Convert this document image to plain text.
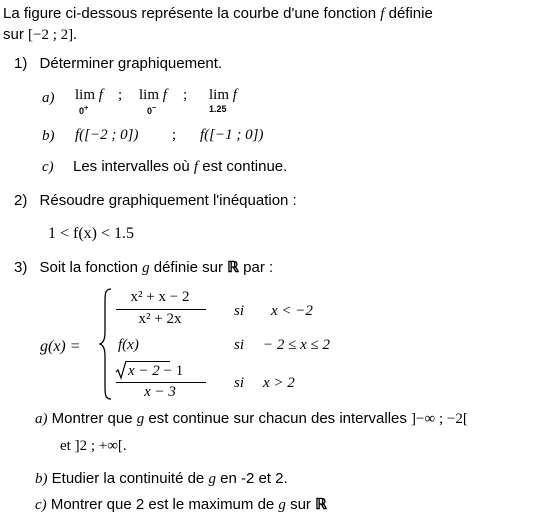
La figure ci-dessous représente la courbe d'une fonction f définie
sur [−2 ; 2].
1) Déterminer graphiquement.
a) lim f
0+
; lim f
0−
; lim f
1.25
b) f([−2 ; 0]) ; f([−1 ; 0])
c) Les intervalles où f est continue.
2) Résoudre graphiquement l'inéquation :
1 < f(x) < 1.5
3) Soit la fonction g définie sur ℝ par :
g(x) =
x² + x − 2
x² + 2x	si x < −2
f(x)	si − 2 ≤ x ≤ 2
x − 2 − 1
x − 3
si x > 2
a) Montrer que g est continue sur chacun des intervalles ]−∞ ; −2[
et ]2 ; +∞[.
b) Etudier la continuité de g en -2 et 2.
c) Montrer que 2 est le maximum de g sur ℝ
